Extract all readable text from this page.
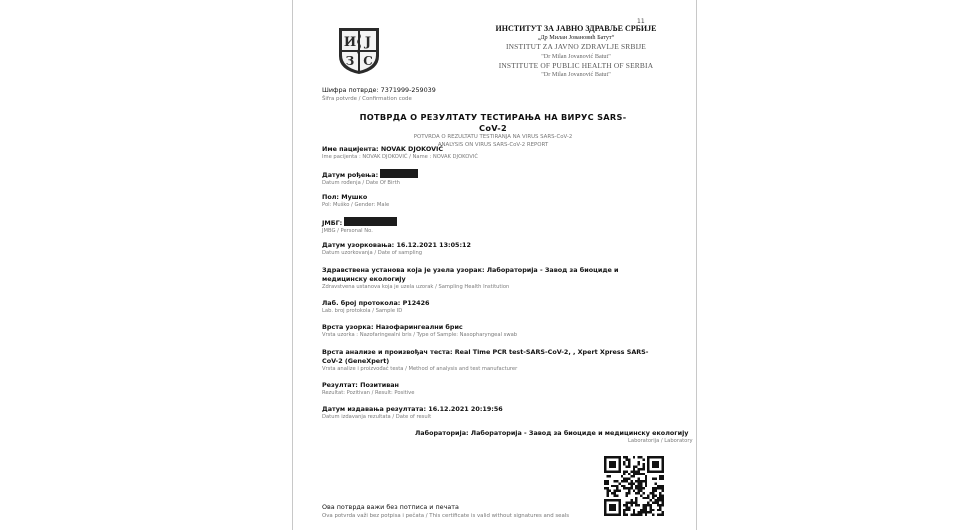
11
И Ј
З С
ИНСТИТУТ ЗА ЈАВНО ЗДРАВЉЕ СРБИЈЕ
„Др Милан Јовановић Батут“
INSTITUT ZA JAVNO ZDRAVLJE SRBIJE
"Dr Milan Jovanović Batut"
INSTITUTE OF PUBLIC HEALTH OF SERBIA
"Dr Milan Jovanović Batut"
Шифра потврде: 7371999-259039
Šifra potvrde / Confirmation code
ПОТВРДА О РЕЗУЛТАТУ ТЕСТИРАЊА НА ВИРУС SARS-CoV-2
POTVRDA O REZULTATU TESTIRANJA NA VIRUS SARS-CoV-2
ANALYSIS ON VIRUS SARS-CoV-2 REPORT
Име пацијента: NOVAK DJOKOVIĆ
Ime pacijenta : NOVAK DJOKOVIĆ / Name : NOVAK DJOKOVIĆ
Датум рођења:
Datum rođenja / Date Of Birth
Пол: Мушко
Pol: Muško / Gender: Male
ЈМБГ:
JMBG / Personal No.
Датум узорковања: 16.12.2021 13:05:12
Datum uzorkovanja / Date of sampling
Здравствена установа која је узела узорак: Лабораторија - Завод за биоциде и медицинску екологију
Zdravstvena ustanova koja je uzela uzorak / Sampling Health Institution
Лаб. број протокола: P12426
Lab. broj protokola / Sample ID
Врста узорка: Назофарингеални брис
Vrsta uzorka : Nazofaringealni bris / Type of Sample: Nasopharyngeal swab
Врста анализе и произвођач теста: Real Time PCR test-SARS-CoV-2, , Xpert Xpress SARS-CoV-2 (GeneXpert)
Vrsta analize i proizvođač testa / Method of analysis and test manufacturer
Резултат: Позитиван
Rezultat: Pozitivan / Result: Positive
Датум издавања резултата: 16.12.2021 20:19:56
Datum izdavanja rezultata / Date of result
Лабораторија: Лабораторија - Завод за биоциде и медицинску екологију
Laboratorija / Laboratory
Ова потврда важи без потписа и печата
Ova potvrda važi bez potpisa i pečata / This certificate is valid without signatures and seals
